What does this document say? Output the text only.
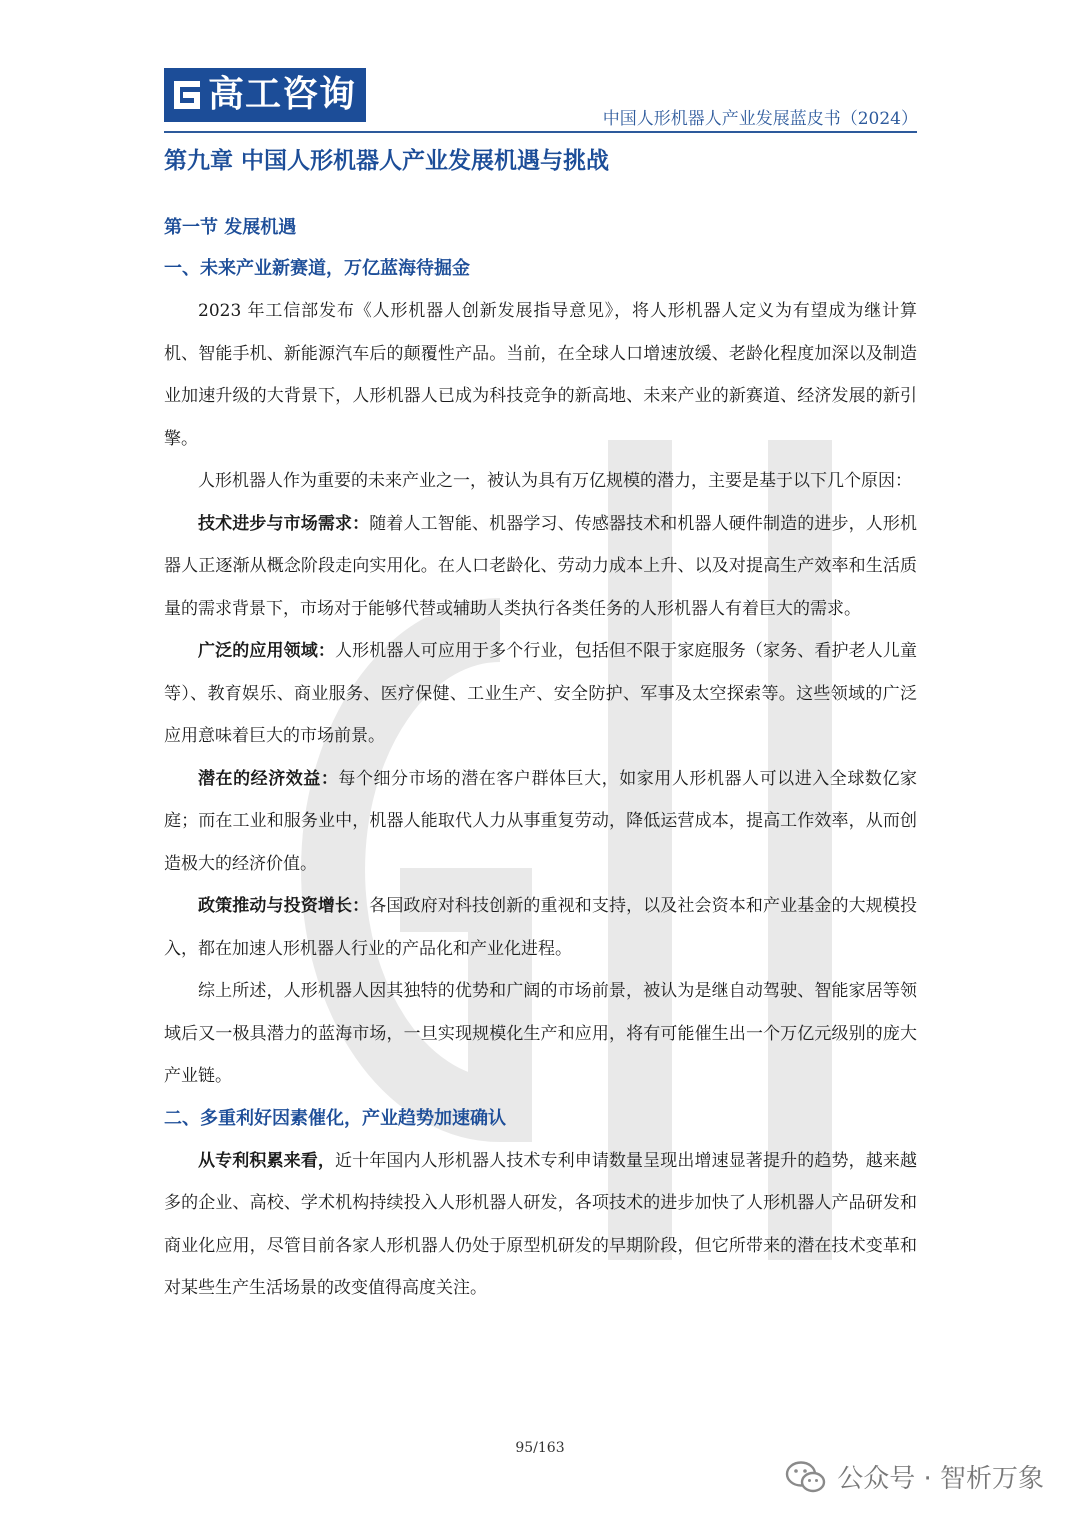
高工咨询
中国人形机器人产业发展蓝皮书（2024）
第九章 中国人形机器人产业发展机遇与挑战
第一节 发展机遇
一、未来产业新赛道，万亿蓝海待掘金

2023 年工信部发布《人形机器人创新发展指导意见》，将人形机器人定义为有望成为继计算机、智能手机、新能源汽车后的颠覆性产品。当前，在全球人口增速放缓、老龄化程度加深以及制造业加速升级的大背景下，人形机器人已成为科技竞争的新高地、未来产业的新赛道、经济发展的新引擎。

人形机器人作为重要的未来产业之一，被认为具有万亿规模的潜力，主要是基于以下几个原因：

技术进步与市场需求：随着人工智能、机器学习、传感器技术和机器人硬件制造的进步，人形机器人正逐渐从概念阶段走向实用化。在人口老龄化、劳动力成本上升、以及对提高生产效率和生活质量的需求背景下，市场对于能够代替或辅助人类执行各类任务的人形机器人有着巨大的需求。

广泛的应用领域：人形机器人可应用于多个行业，包括但不限于家庭服务（家务、看护老人儿童等）、教育娱乐、商业服务、医疗保健、工业生产、安全防护、军事及太空探索等。这些领域的广泛应用意味着巨大的市场前景。

潜在的经济效益：每个细分市场的潜在客户群体巨大，如家用人形机器人可以进入全球数亿家庭；而在工业和服务业中，机器人能取代人力从事重复劳动，降低运营成本，提高工作效率，从而创造极大的经济价值。

政策推动与投资增长：各国政府对科技创新的重视和支持，以及社会资本和产业基金的大规模投入，都在加速人形机器人行业的产品化和产业化进程。

综上所述，人形机器人因其独特的优势和广阔的市场前景，被认为是继自动驾驶、智能家居等领域后又一极具潜力的蓝海市场，一旦实现规模化生产和应用，将有可能催生出一个万亿元级别的庞大产业链。

二、多重利好因素催化，产业趋势加速确认

从专利积累来看，近十年国内人形机器人技术专利申请数量呈现出增速显著提升的趋势，越来越多的企业、高校、学术机构持续投入人形机器人研发，各项技术的进步加快了人形机器人产品研发和商业化应用，尽管目前各家人形机器人仍处于原型机研发的早期阶段，但它所带来的潜在技术变革和对某些生产生活场景的改变值得高度关注。

95/163
公众号 · 智析万象
